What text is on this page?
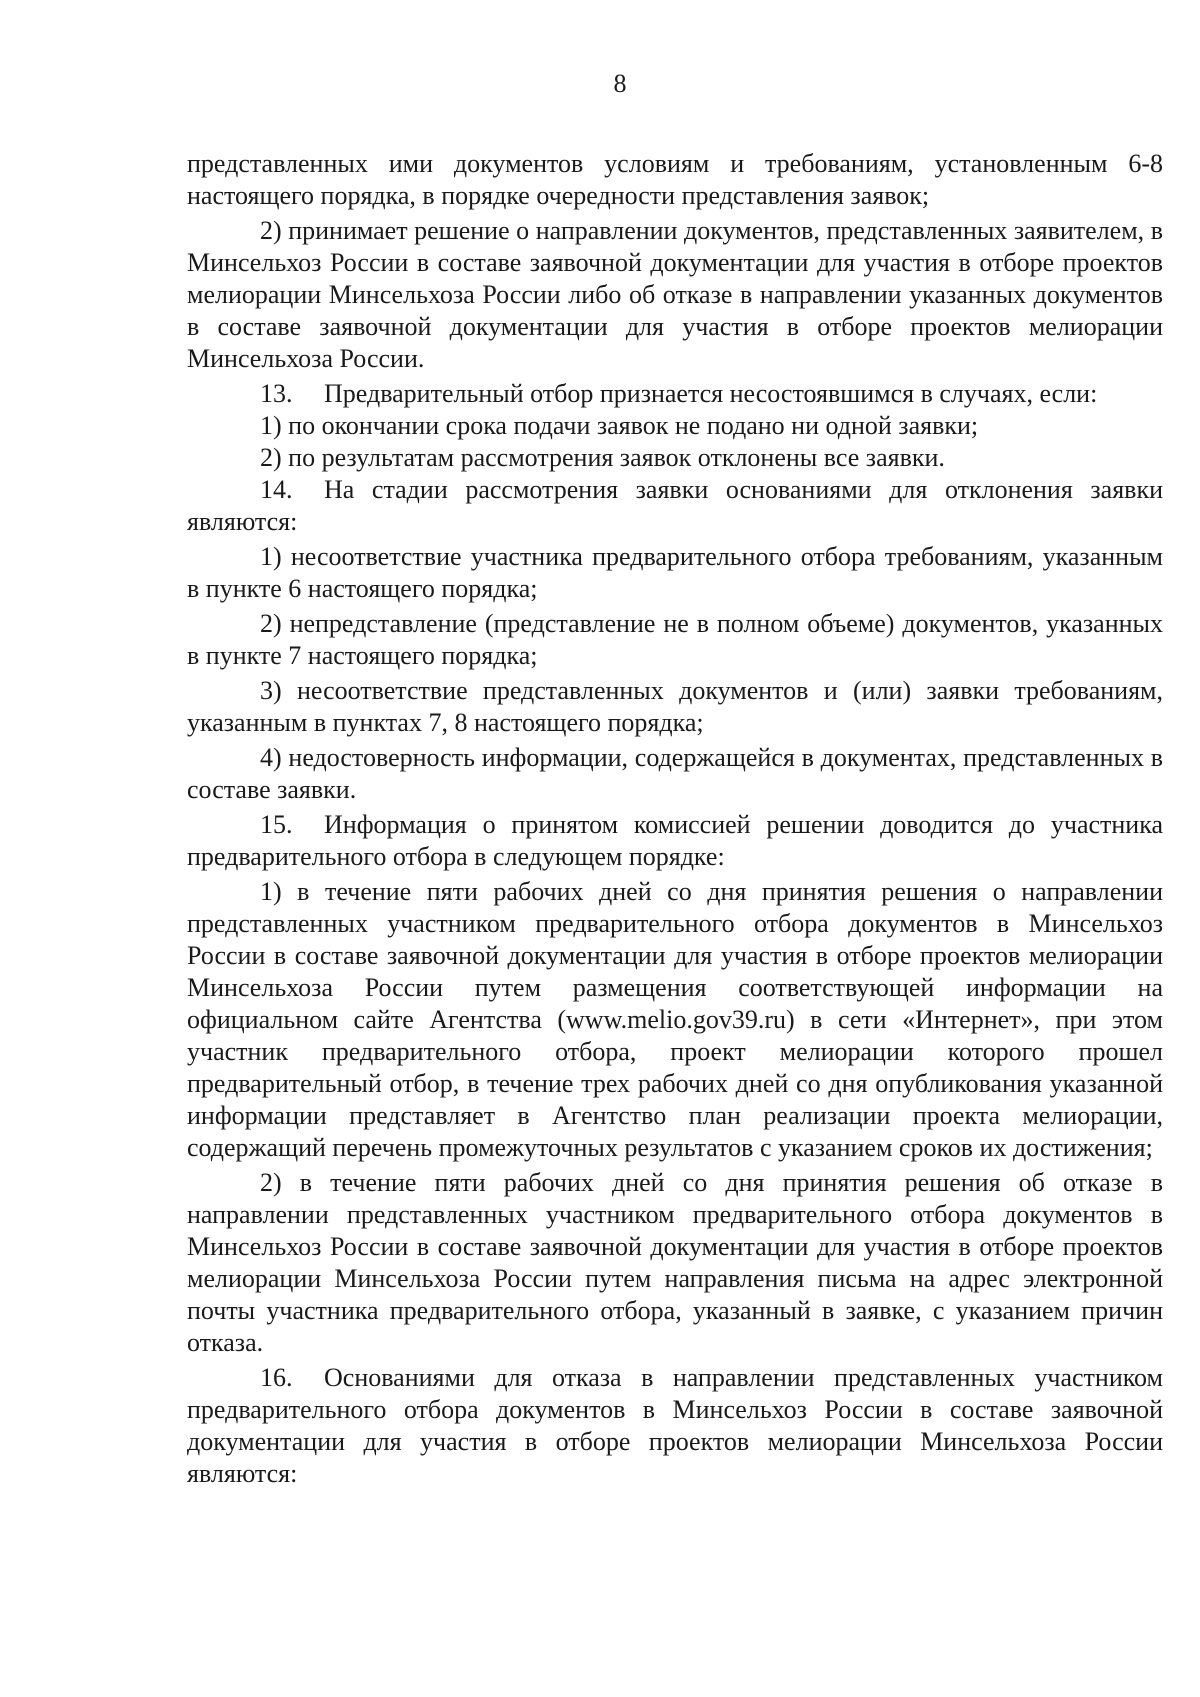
8

представленных ими документов условиям и требованиям, установленным 6-8 настоящего порядка, в порядке очередности представления заявок;

2) принимает решение о направлении документов, представленных заявителем, в Минсельхоз России в составе заявочной документации для участия в отборе проектов мелиорации Минсельхоза России либо об отказе в направлении указанных документов в составе заявочной документации для участия в отборе проектов мелиорации Минсельхоза России.

13. Предварительный отбор признается несостоявшимся в случаях, если:

1) по окончании срока подачи заявок не подано ни одной заявки;

2) по результатам рассмотрения заявок отклонены все заявки.

14. На стадии рассмотрения заявки основаниями для отклонения заявки являются:

1) несоответствие участника предварительного отбора требованиям, указанным в пункте 6 настоящего порядка;

2) непредставление (представление не в полном объеме) документов, указанных в пункте 7 настоящего порядка;

3) несоответствие представленных документов и (или) заявки требованиям, указанным в пунктах 7, 8 настоящего порядка;

4) недостоверность информации, содержащейся в документах, представленных в составе заявки.

15. Информация о принятом комиссией решении доводится до участника предварительного отбора в следующем порядке:

1) в течение пяти рабочих дней со дня принятия решения о направлении представленных участником предварительного отбора документов в Минсельхоз России в составе заявочной документации для участия в отборе проектов мелиорации Минсельхоза России путем размещения соответствующей информации на официальном сайте Агентства (www.melio.gov39.ru) в сети «Интернет», при этом участник предварительного отбора, проект мелиорации которого прошел предварительный отбор, в течение трех рабочих дней со дня опубликования указанной информации представляет в Агентство план реализации проекта мелиорации, содержащий перечень промежуточных результатов с указанием сроков их достижения;

2) в течение пяти рабочих дней со дня принятия решения об отказе в направлении представленных участником предварительного отбора документов в Минсельхоз России в составе заявочной документации для участия в отборе проектов мелиорации Минсельхоза России путем направления письма на адрес электронной почты участника предварительного отбора, указанный в заявке, с указанием причин отказа.

16. Основаниями для отказа в направлении представленных участником предварительного отбора документов в Минсельхоз России в составе заявочной документации для участия в отборе проектов мелиорации Минсельхоза России являются:
